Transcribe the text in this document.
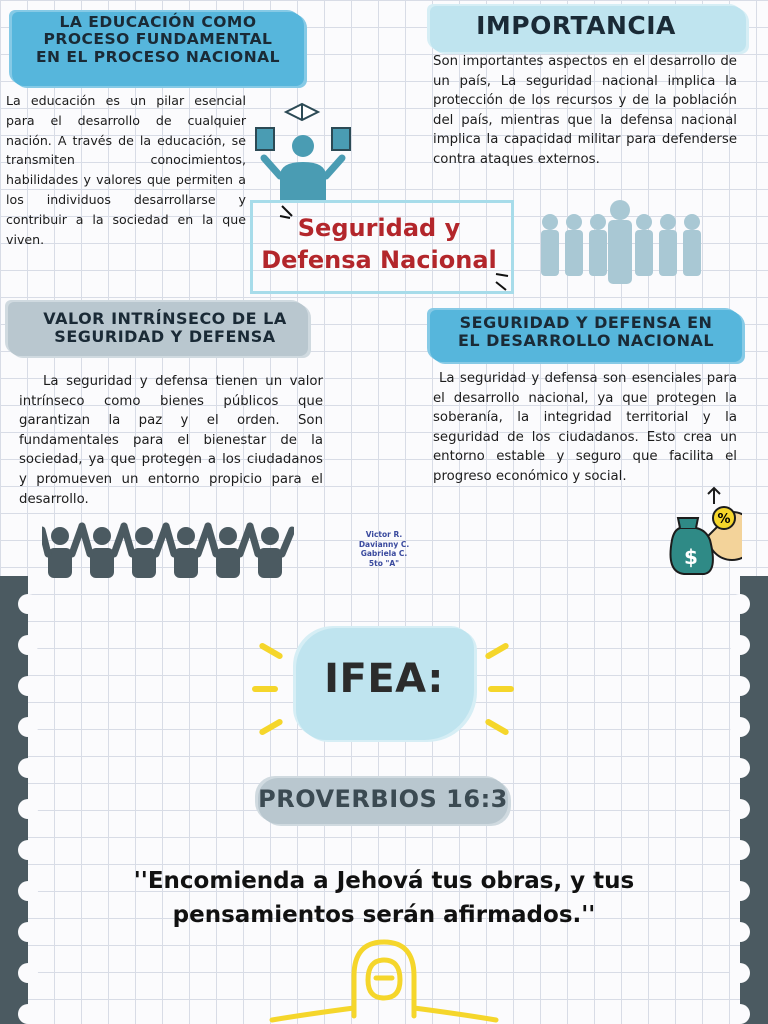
LA EDUCACIÓN COMO
PROCESO FUNDAMENTAL
EN EL PROCESO NACIONAL
La educación es un pilar esencial para el desarrollo de cualquier nación. A través de la educación, se transmiten conocimientos, habilidades y valores que permiten a los individuos desarrollarse y contribuir a la sociedad en la que viven.
IMPORTANCIA
Son importantes aspectos en el desarrollo de un país, La seguridad nacional implica la protección de los recursos y de la población del país, mientras que la defensa nacional implica la capacidad militar para defenderse contra ataques externos.
Seguridad y
Defensa Nacional
VALOR INTRÍNSECO DE LA
SEGURIDAD Y DEFENSA
La seguridad y defensa tienen un valor intrínseco como bienes públicos que garantizan la paz y el orden. Son fundamentales para el bienestar de la sociedad, ya que protegen a los ciudadanos y promueven un entorno propicio para el desarrollo.
Victor R.
Davianny C.
Gabriela C.
5to "A"
SEGURIDAD Y DEFENSA EN
EL DESARROLLO NACIONAL
La seguridad y defensa son esenciales para el desarrollo nacional, ya que protegen la soberanía, la integridad territorial y la seguridad de los ciudadanos. Esto crea un entorno estable y seguro que facilita el progreso económico y social.
%
$
IFEA:
PROVERBIOS 16:3
''Encomienda a Jehová tus obras, y tus
pensamientos serán afirmados.''
